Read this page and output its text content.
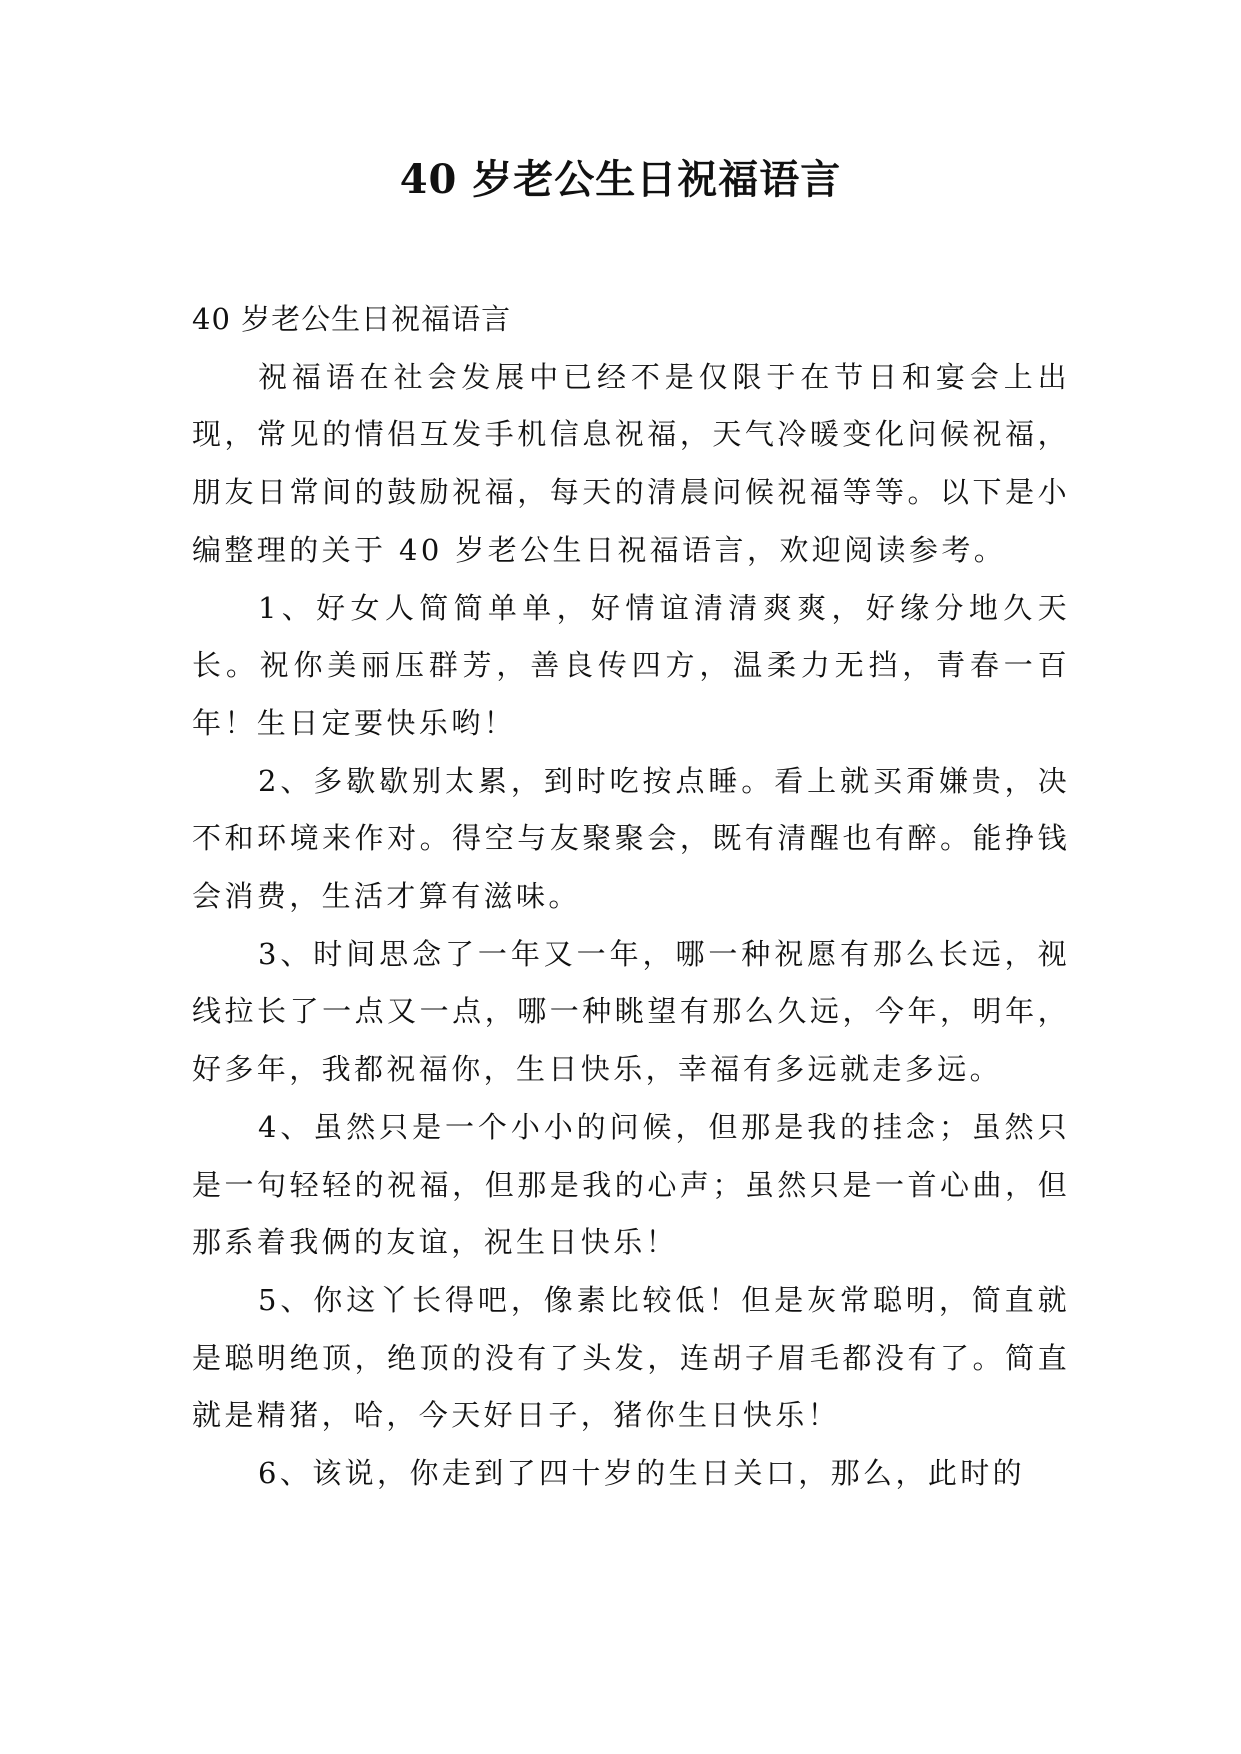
40 岁老公生日祝福语言

40 岁老公生日祝福语言

祝福语在社会发展中已经不是仅限于在节日和宴会上出现，常见的情侣互发手机信息祝福，天气冷暖变化问候祝福，朋友日常间的鼓励祝福，每天的清晨问候祝福等等。以下是小编整理的关于 40 岁老公生日祝福语言，欢迎阅读参考。

1、好女人简简单单，好情谊清清爽爽，好缘分地久天长。祝你美丽压群芳，善良传四方，温柔力无挡，青春一百年！生日定要快乐哟！

2、多歇歇别太累，到时吃按点睡。看上就买甭嫌贵，决不和环境来作对。得空与友聚聚会，既有清醒也有醉。能挣钱会消费，生活才算有滋味。

3、时间思念了一年又一年，哪一种祝愿有那么长远，视线拉长了一点又一点，哪一种眺望有那么久远，今年，明年，好多年，我都祝福你，生日快乐，幸福有多远就走多远。

4、虽然只是一个小小的问候，但那是我的挂念；虽然只是一句轻轻的祝福，但那是我的心声；虽然只是一首心曲，但那系着我俩的友谊，祝生日快乐！

5、你这丫长得吧，像素比较低！但是灰常聪明，简直就是聪明绝顶，绝顶的没有了头发，连胡子眉毛都没有了。简直就是精猪，哈，今天好日子，猪你生日快乐！

6、该说，你走到了四十岁的生日关口，那么，此时的
